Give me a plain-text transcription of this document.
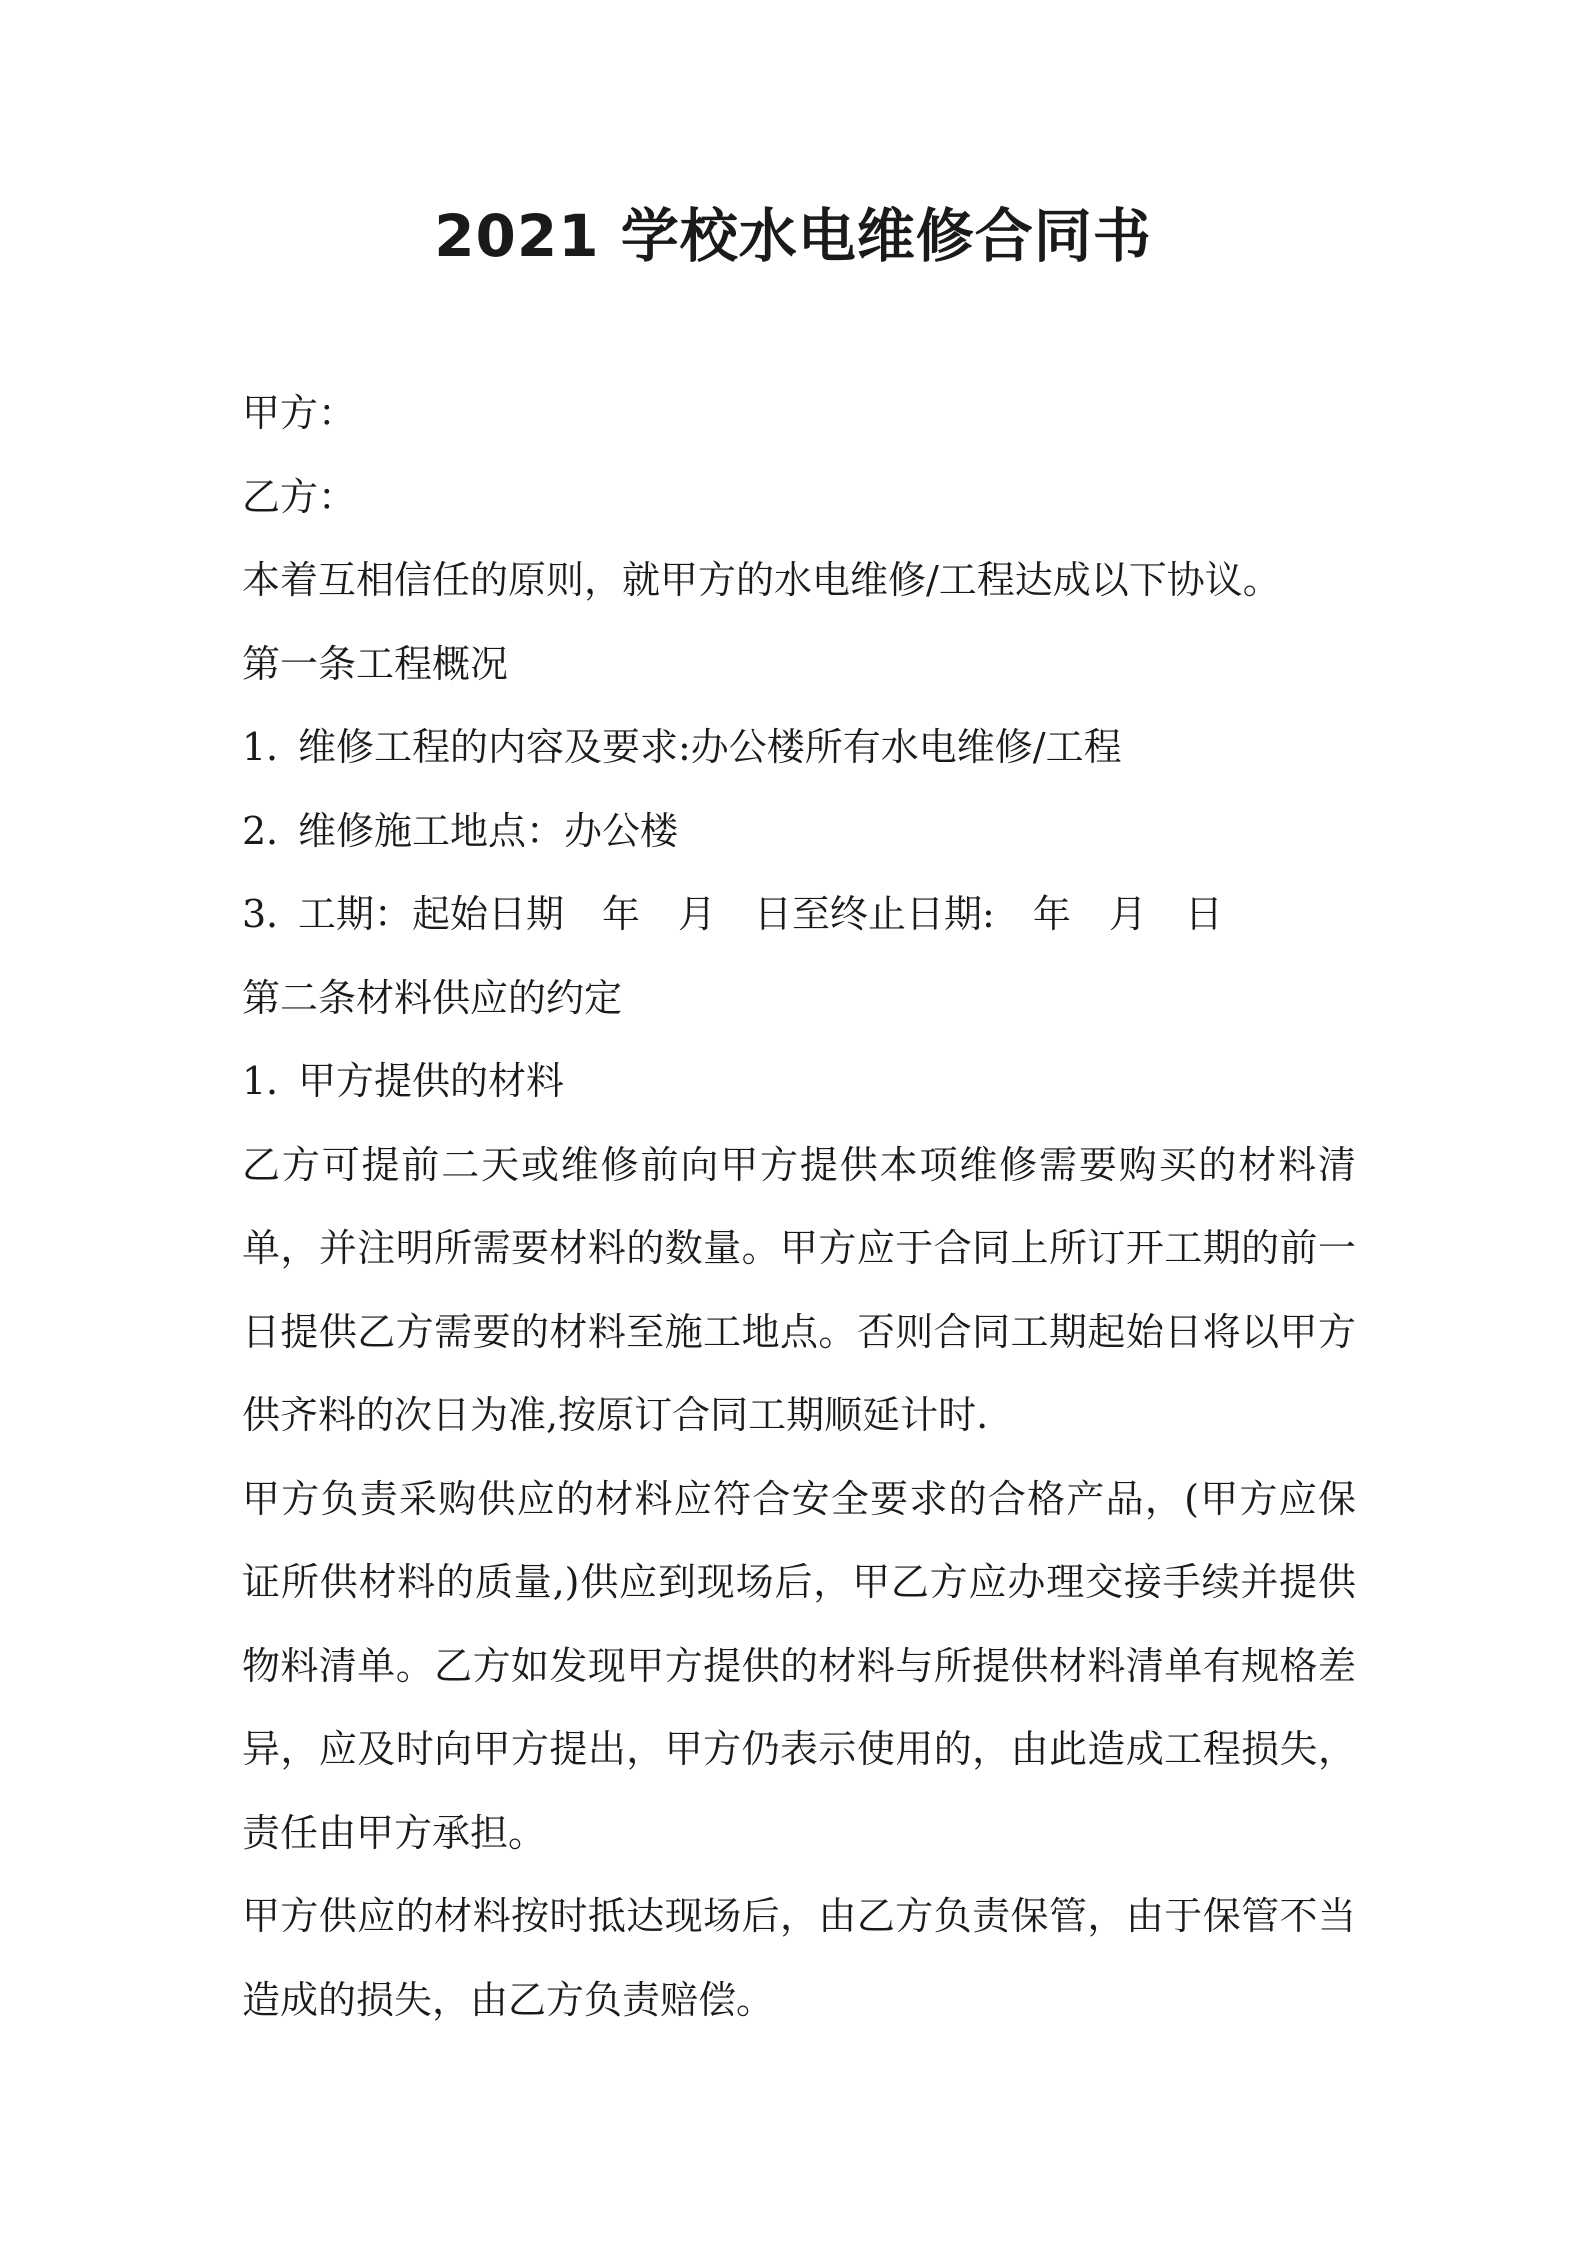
2021 学校水电维修合同书

甲方：

乙方：

本着互相信任的原则，就甲方的水电维修/工程达成以下协议。

第一条工程概况

1．维修工程的内容及要求:办公楼所有水电维修/工程

2．维修施工地点：办公楼

3．工期：起始日期 年 月 日至终止日期: 年 月 日

第二条材料供应的约定

1．甲方提供的材料

乙方可提前二天或维修前向甲方提供本项维修需要购买的材料清单，并注明所需要材料的数量。甲方应于合同上所订开工期的前一日提供乙方需要的材料至施工地点。否则合同工期起始日将以甲方供齐料的次日为准,按原订合同工期顺延计时.

甲方负责采购供应的材料应符合安全要求的合格产品，(甲方应保证所供材料的质量,)供应到现场后，甲乙方应办理交接手续并提供物料清单。乙方如发现甲方提供的材料与所提供材料清单有规格差异，应及时向甲方提出，甲方仍表示使用的，由此造成工程损失，责任由甲方承担。

甲方供应的材料按时抵达现场后，由乙方负责保管，由于保管不当造成的损失，由乙方负责赔偿。
